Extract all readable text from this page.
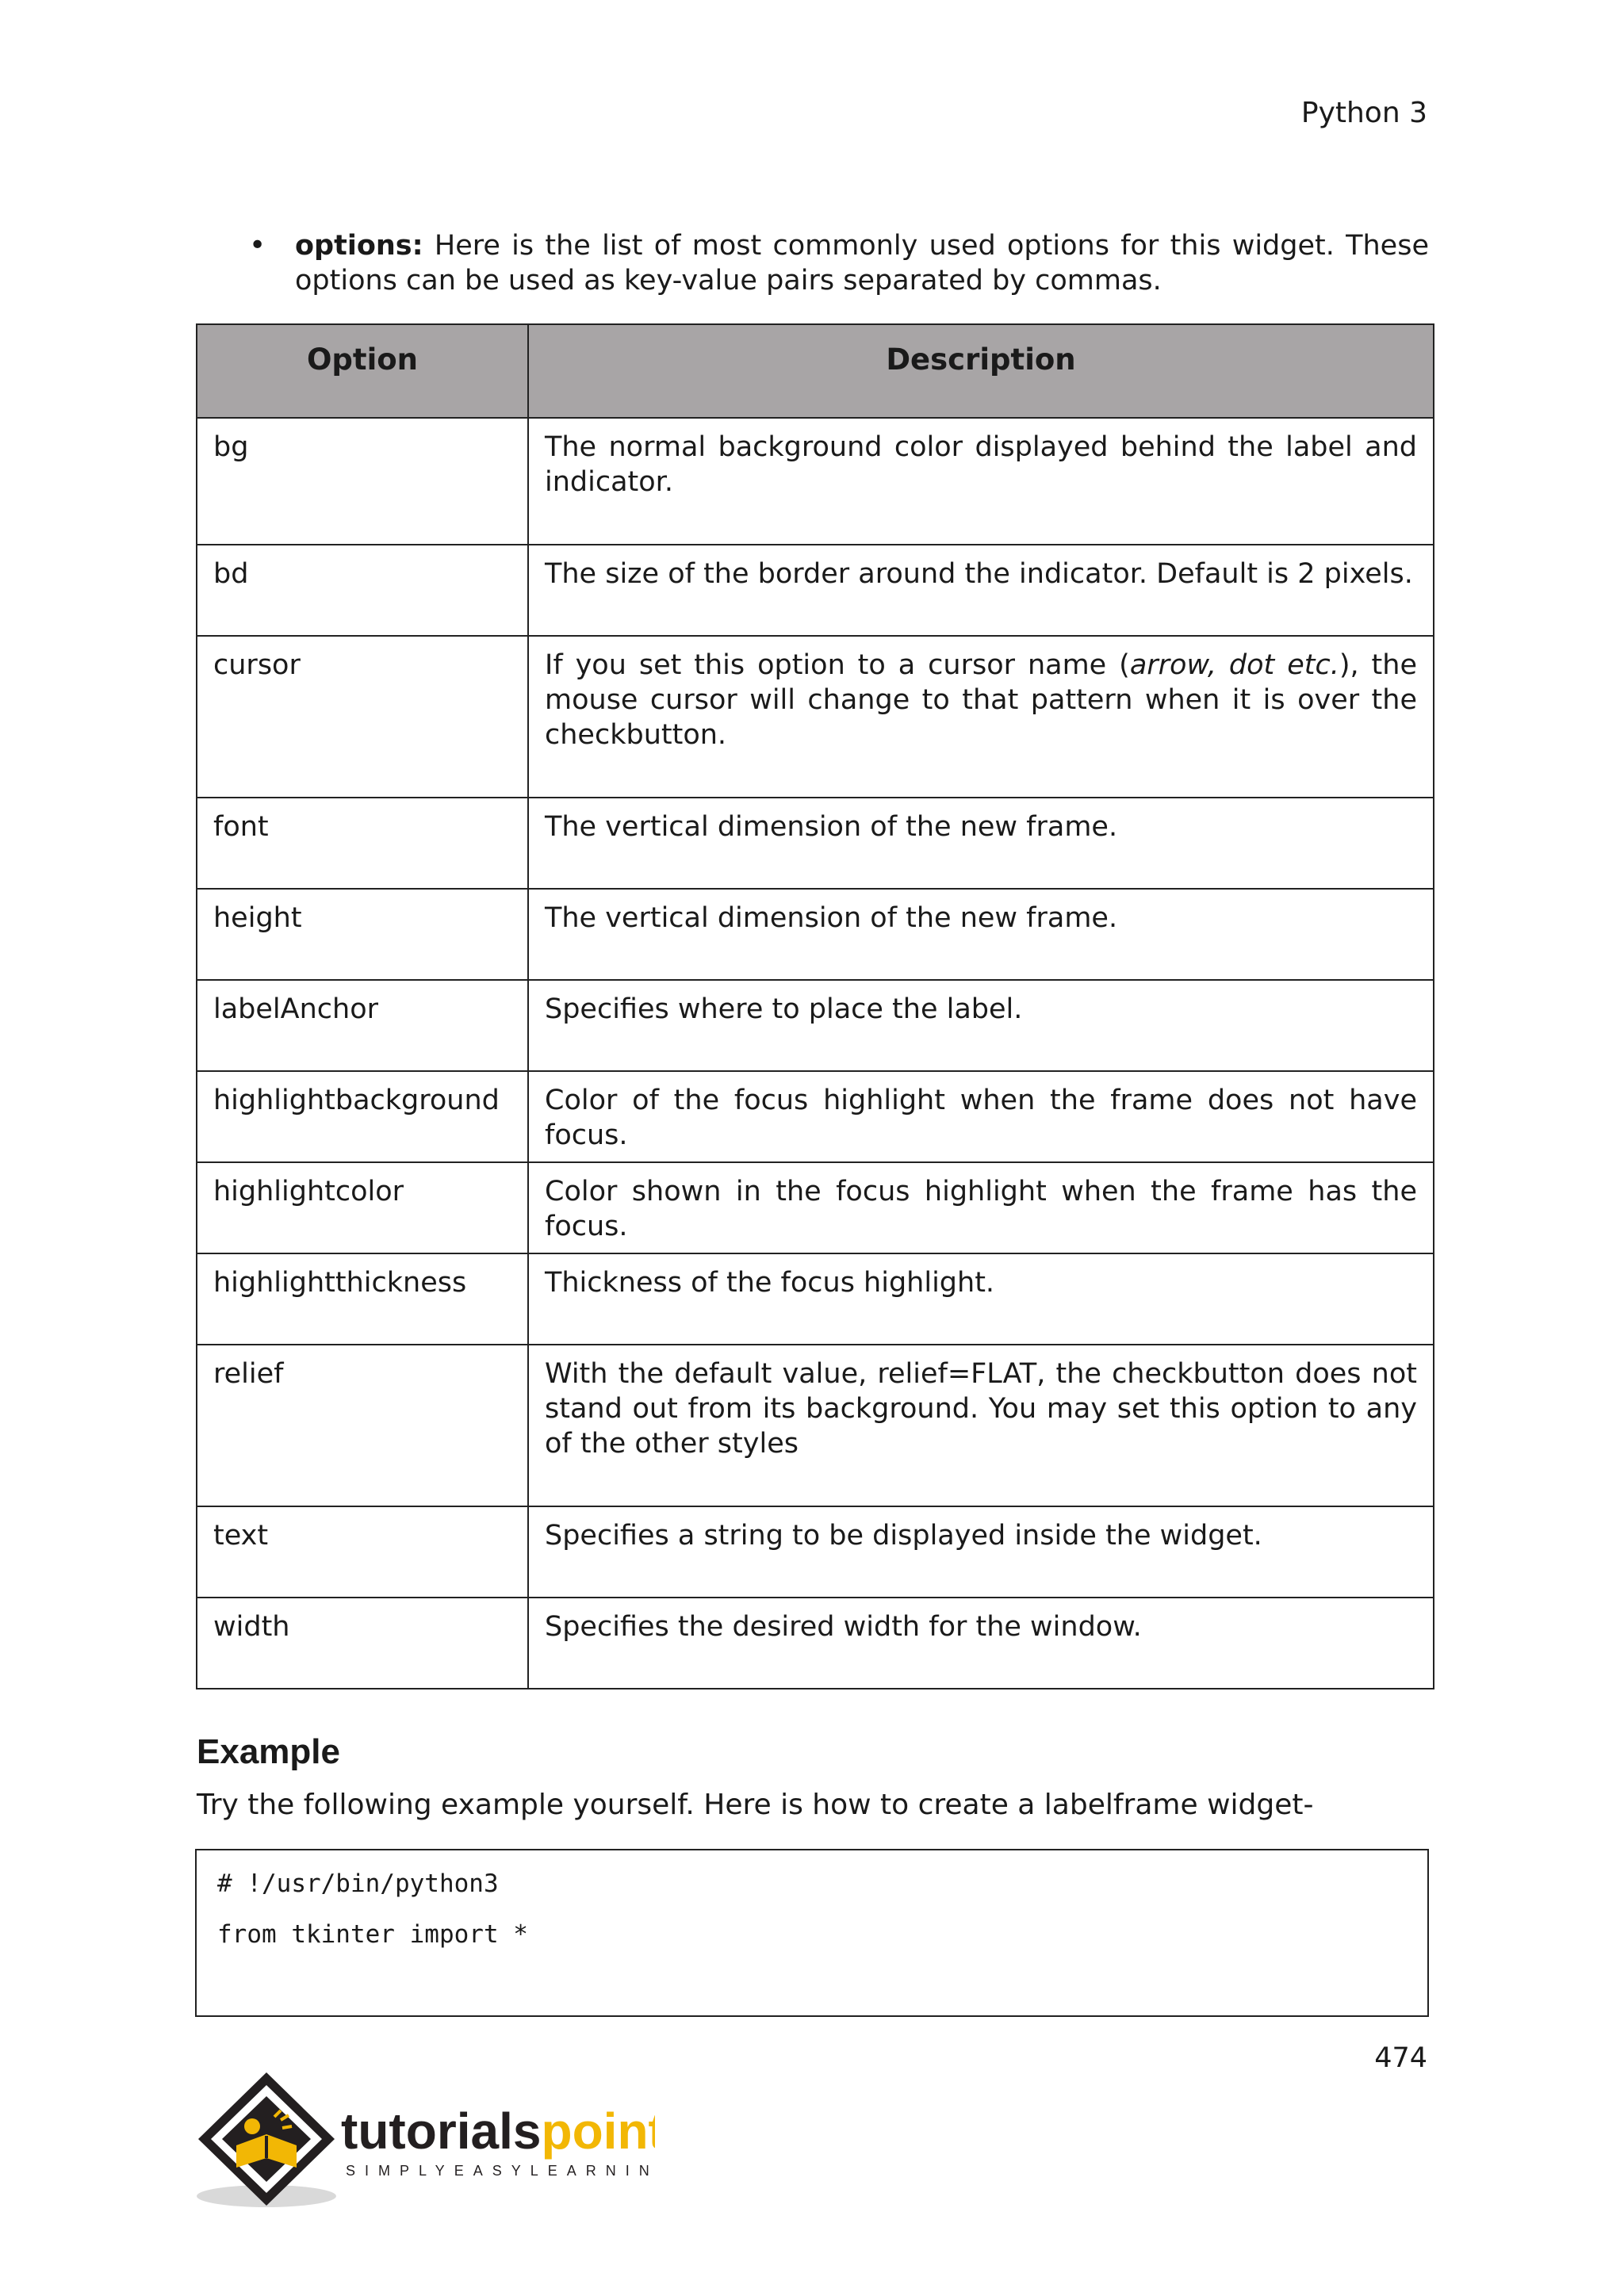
Python 3
• options: Here is the list of most commonly used options for this widget. These options can be used as key-value pairs separated by commas.
Option	Description
bg	The normal background color displayed behind the label and indicator.
bd	The size of the border around the indicator. Default is 2 pixels.
cursor	If you set this option to a cursor name (arrow, dot etc.), the mouse cursor will change to that pattern when it is over the checkbutton.
font	The vertical dimension of the new frame.
height	The vertical dimension of the new frame.
labelAnchor	Specifies where to place the label.
highlightbackground	Color of the focus highlight when the frame does not have focus.
highlightcolor	Color shown in the focus highlight when the frame has the focus.
highlightthickness	Thickness of the focus highlight.
relief	With the default value, relief=FLAT, the checkbutton does not stand out from its background. You may set this option to any of the other styles
text	Specifies a string to be displayed inside the widget.
width	Specifies the desired width for the window.
Example
Try the following example yourself. Here is how to create a labelframe widget-
# !/usr/bin/python3
from tkinter import *
474
tutorialspoint
SIMPLYEASYLEARNING
